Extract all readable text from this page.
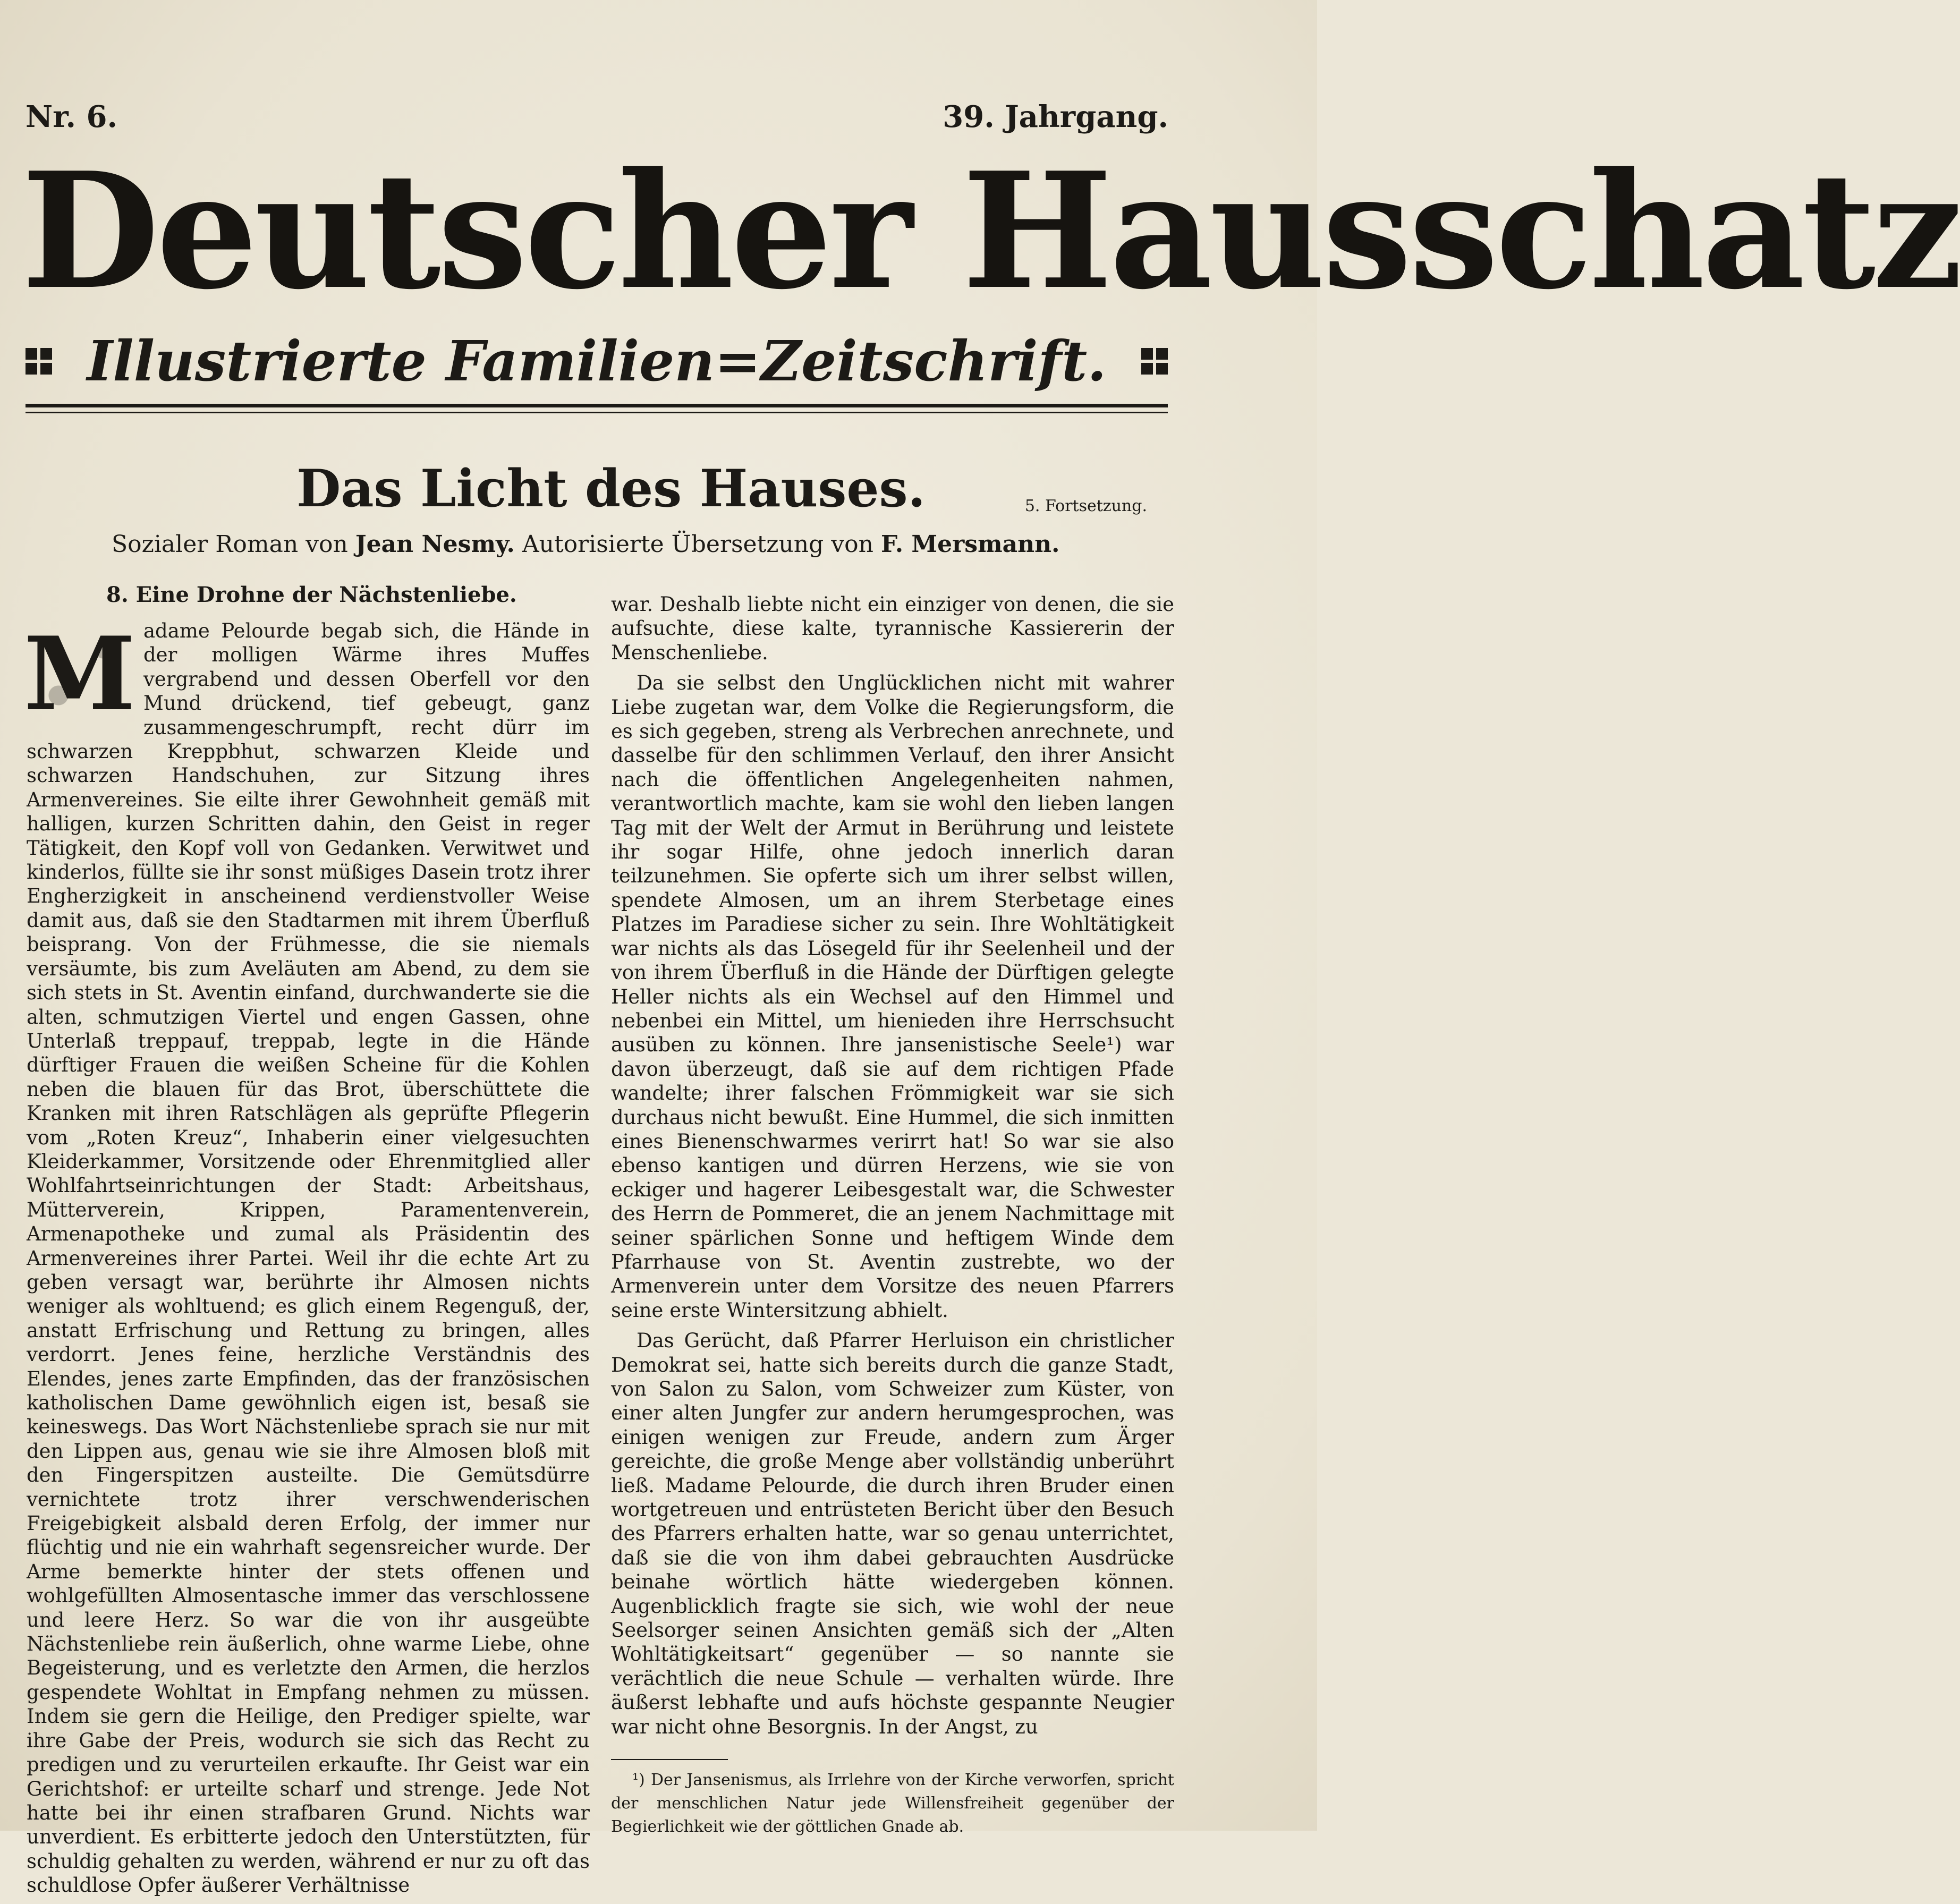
Nr. 6.	39. Jahrgang.
Deutscher Hausschatz
Illustrierte Familien=Zeitschrift.
Das Licht des Hauses.	5. Fortsetzung.
Sozialer Roman von Jean Nesmy. Autorisierte Übersetzung von F. Mersmann.
8. Eine Drohne der Nächstenliebe.

M adame Pelourde begab sich, die Hände in der molligen Wärme ihres Muffes vergrabend und dessen Oberfell vor den Mund drückend, tief gebeugt, ganz zusammengeschrumpft, recht dürr im schwarzen Kreppbhut, schwarzen Kleide und schwarzen Handschuhen, zur Sitzung ihres Armenvereines. Sie eilte ihrer Gewohnheit gemäß mit halligen, kurzen Schritten dahin, den Geist in reger Tätigkeit, den Kopf voll von Gedanken. Verwitwet und kinderlos, füllte sie ihr sonst müßiges Dasein trotz ihrer Engherzigkeit in anscheinend verdienstvoller Weise damit aus, daß sie den Stadtarmen mit ihrem Überfluß beisprang. Von der Frühmesse, die sie niemals versäumte, bis zum Aveläuten am Abend, zu dem sie sich stets in St. Aventin einfand, durchwanderte sie die alten, schmutzigen Viertel und engen Gassen, ohne Unterlaß treppauf, treppab, legte in die Hände dürftiger Frauen die weißen Scheine für die Kohlen neben die blauen für das Brot, überschüttete die Kranken mit ihren Ratschlägen als geprüfte Pflegerin vom „Roten Kreuz“, Inhaberin einer vielgesuchten Kleiderkammer, Vorsitzende oder Ehrenmitglied aller Wohlfahrtseinrichtungen der Stadt: Arbeitshaus, Mütterverein, Krippen, Paramentenverein, Armenapotheke und zumal als Präsidentin des Armenvereines ihrer Partei. Weil ihr die echte Art zu geben versagt war, berührte ihr Almosen nichts weniger als wohltuend; es glich einem Regenguß, der, anstatt Erfrischung und Rettung zu bringen, alles verdorrt. Jenes feine, herzliche Verständnis des Elendes, jenes zarte Empfinden, das der französischen katholischen Dame gewöhnlich eigen ist, besaß sie keineswegs. Das Wort Nächstenliebe sprach sie nur mit den Lippen aus, genau wie sie ihre Almosen bloß mit den Fingerspitzen austeilte. Die Gemütsdürre vernichtete trotz ihrer verschwenderischen Freigebigkeit alsbald deren Erfolg, der immer nur flüchtig und nie ein wahrhaft segensreicher wurde. Der Arme bemerkte hinter der stets offenen und wohlgefüllten Almosentasche immer das verschlossene und leere Herz. So war die von ihr ausgeübte Nächstenliebe rein äußerlich, ohne warme Liebe, ohne Begeisterung, und es verletzte den Armen, die herzlos gespendete Wohltat in Empfang nehmen zu müssen. Indem sie gern die Heilige, den Prediger spielte, war ihre Gabe der Preis, wodurch sie sich das Recht zu predigen und zu verurteilen erkaufte. Ihr Geist war ein Gerichtshof: er urteilte scharf und strenge. Jede Not hatte bei ihr einen strafbaren Grund. Nichts war unverdient. Es erbitterte jedoch den Unterstützten, für schuldig gehalten zu werden, während er nur zu oft das schuldlose Opfer äußerer Verhältnisse

war. Deshalb liebte nicht ein einziger von denen, die sie aufsuchte, diese kalte, tyrannische Kassiererin der Menschenliebe.

Da sie selbst den Unglücklichen nicht mit wahrer Liebe zugetan war, dem Volke die Regierungsform, die es sich gegeben, streng als Verbrechen anrechnete, und dasselbe für den schlimmen Verlauf, den ihrer Ansicht nach die öffentlichen Angelegenheiten nahmen, verantwortlich machte, kam sie wohl den lieben langen Tag mit der Welt der Armut in Berührung und leistete ihr sogar Hilfe, ohne jedoch innerlich daran teilzunehmen. Sie opferte sich um ihrer selbst willen, spendete Almosen, um an ihrem Sterbetage eines Platzes im Paradiese sicher zu sein. Ihre Wohltätigkeit war nichts als das Lösegeld für ihr Seelenheil und der von ihrem Überfluß in die Hände der Dürftigen gelegte Heller nichts als ein Wechsel auf den Himmel und nebenbei ein Mittel, um hienieden ihre Herrschsucht ausüben zu können. Ihre jansenistische Seele¹) war davon überzeugt, daß sie auf dem richtigen Pfade wandelte; ihrer falschen Frömmigkeit war sie sich durchaus nicht bewußt. Eine Hummel, die sich inmitten eines Bienenschwarmes verirrt hat! So war sie also ebenso kantigen und dürren Herzens, wie sie von eckiger und hagerer Leibesgestalt war, die Schwester des Herrn de Pommeret, die an jenem Nachmittage mit seiner spärlichen Sonne und heftigem Winde dem Pfarrhause von St. Aventin zustrebte, wo der Armenverein unter dem Vorsitze des neuen Pfarrers seine erste Wintersitzung abhielt.

Das Gerücht, daß Pfarrer Herluison ein christlicher Demokrat sei, hatte sich bereits durch die ganze Stadt, von Salon zu Salon, vom Schweizer zum Küster, von einer alten Jungfer zur andern herumgesprochen, was einigen wenigen zur Freude, andern zum Ärger gereichte, die große Menge aber vollständig unberührt ließ. Madame Pelourde, die durch ihren Bruder einen wortgetreuen und entrüsteten Bericht über den Besuch des Pfarrers erhalten hatte, war so genau unterrichtet, daß sie die von ihm dabei gebrauchten Ausdrücke beinahe wörtlich hätte wiedergeben können. Augenblicklich fragte sie sich, wie wohl der neue Seelsorger seinen Ansichten gemäß sich der „Alten Wohltätigkeitsart“ gegenüber — so nannte sie verächtlich die neue Schule — verhalten würde. Ihre äußerst lebhafte und aufs höchste gespannte Neugier war nicht ohne Besorgnis. In der Angst, zu

¹) Der Jansenismus, als Irrlehre von der Kirche verworfen, spricht der menschlichen Natur jede Willensfreiheit gegenüber der Begierlichkeit wie der göttlichen Gnade ab.
